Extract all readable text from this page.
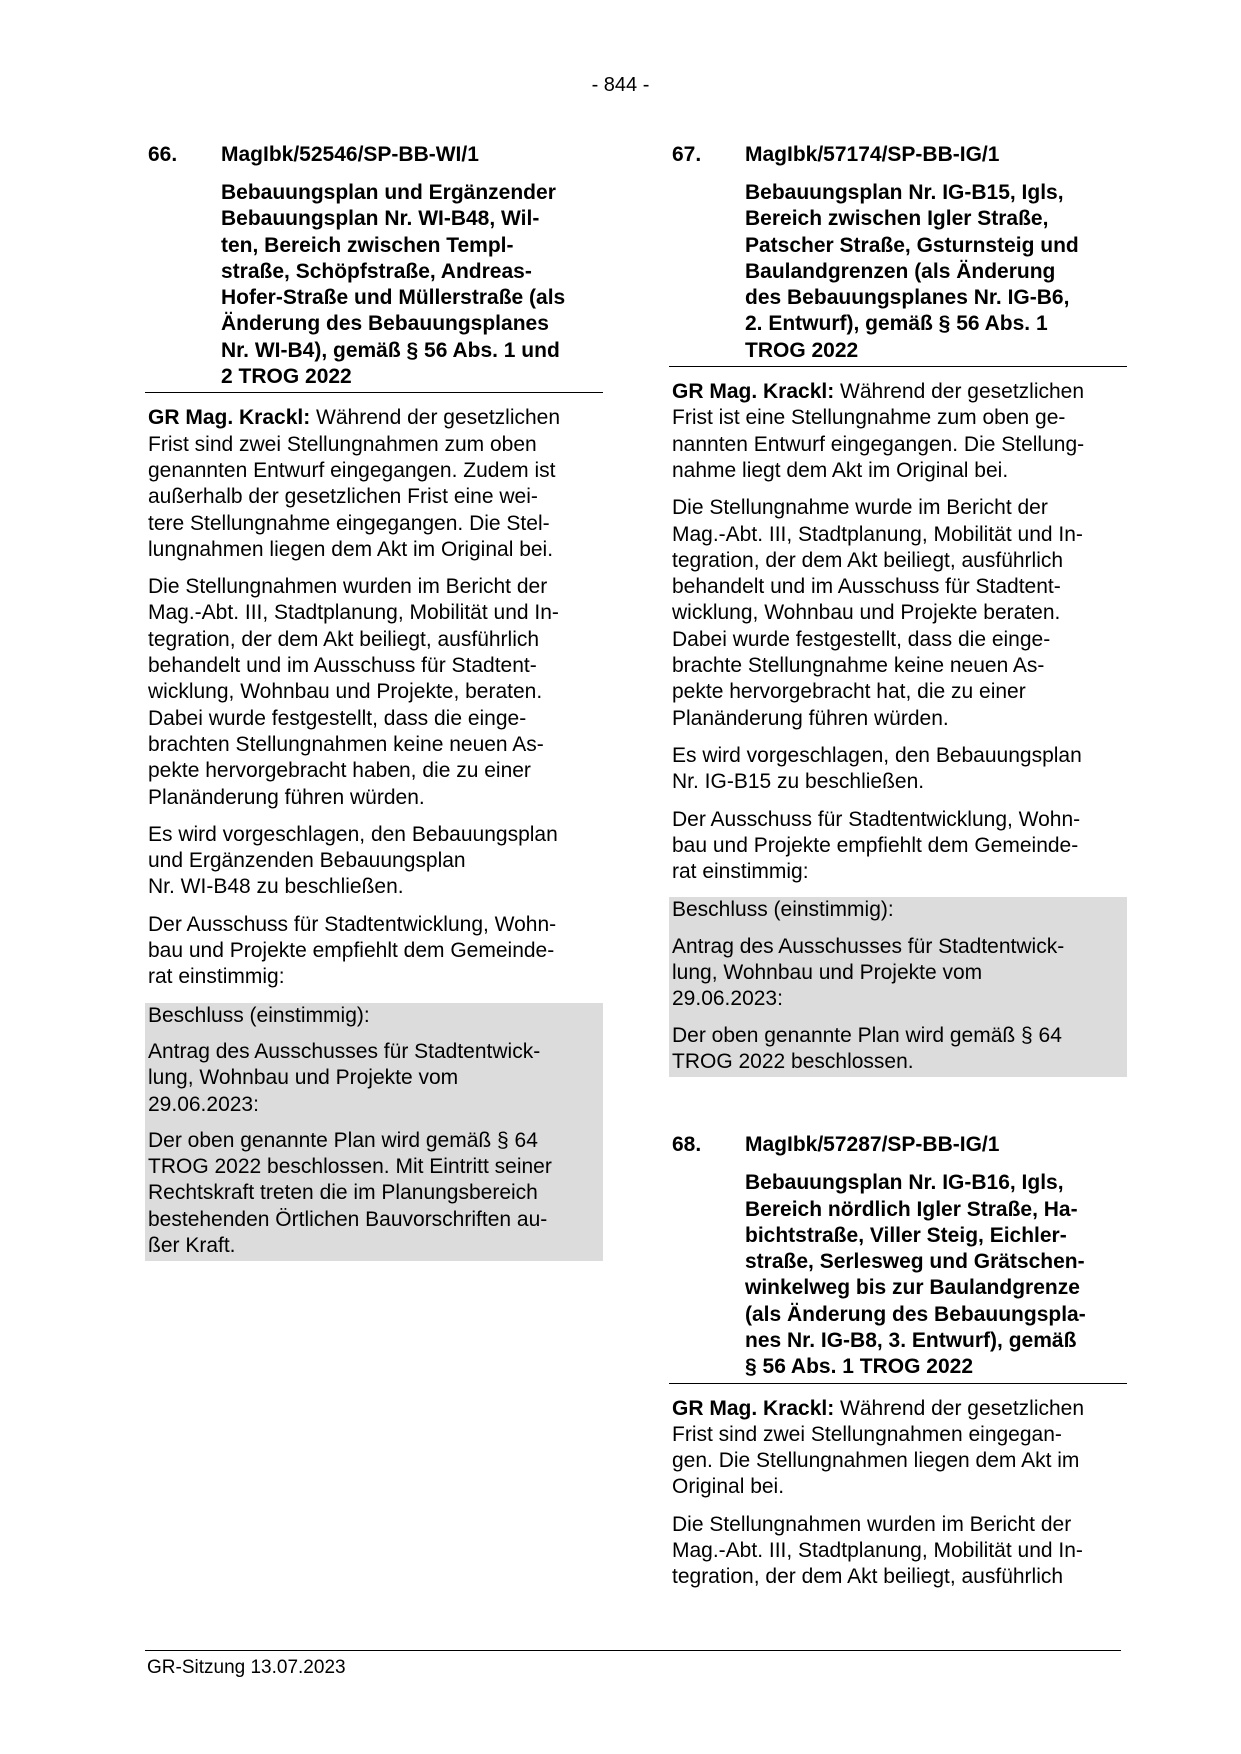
- 844 -
66. MagIbk/52546/SP-BB-WI/1
Bebauungsplan und Ergänzender
Bebauungsplan Nr. WI-B48, Wil-
ten, Bereich zwischen Templ-
straße, Schöpfstraße, Andreas-
Hofer-Straße und Müllerstraße (als
Änderung des Bebauungsplanes
Nr. WI-B4), gemäß § 56 Abs. 1 und
2 TROG 2022

GR Mag. Krackl: Während der gesetzlichen
Frist sind zwei Stellungnahmen zum oben
genannten Entwurf eingegangen. Zudem ist
außerhalb der gesetzlichen Frist eine wei-
tere Stellungnahme eingegangen. Die Stel-
lungnahmen liegen dem Akt im Original bei.

Die Stellungnahmen wurden im Bericht der
Mag.-Abt. III, Stadtplanung, Mobilität und In-
tegration, der dem Akt beiliegt, ausführlich
behandelt und im Ausschuss für Stadtent-
wicklung, Wohnbau und Projekte, beraten.
Dabei wurde festgestellt, dass die einge-
brachten Stellungnahmen keine neuen As-
pekte hervorgebracht haben, die zu einer
Planänderung führen würden.

Es wird vorgeschlagen, den Bebauungsplan
und Ergänzenden Bebauungsplan
Nr. WI-B48 zu beschließen.

Der Ausschuss für Stadtentwicklung, Wohn-
bau und Projekte empfiehlt dem Gemeinde-
rat einstimmig:

Beschluss (einstimmig):

Antrag des Ausschusses für Stadtentwick-
lung, Wohnbau und Projekte vom
29.06.2023:

Der oben genannte Plan wird gemäß § 64
TROG 2022 beschlossen. Mit Eintritt seiner
Rechtskraft treten die im Planungsbereich
bestehenden Örtlichen Bauvorschriften au-
ßer Kraft.

67. MagIbk/57174/SP-BB-IG/1
Bebauungsplan Nr. IG-B15, Igls,
Bereich zwischen Igler Straße,
Patscher Straße, Gsturnsteig und
Baulandgrenzen (als Änderung
des Bebauungsplanes Nr. IG-B6,
2. Entwurf), gemäß § 56 Abs. 1
TROG 2022

GR Mag. Krackl: Während der gesetzlichen
Frist ist eine Stellungnahme zum oben ge-
nannten Entwurf eingegangen. Die Stellung-
nahme liegt dem Akt im Original bei.

Die Stellungnahme wurde im Bericht der
Mag.-Abt. III, Stadtplanung, Mobilität und In-
tegration, der dem Akt beiliegt, ausführlich
behandelt und im Ausschuss für Stadtent-
wicklung, Wohnbau und Projekte beraten.
Dabei wurde festgestellt, dass die einge-
brachte Stellungnahme keine neuen As-
pekte hervorgebracht hat, die zu einer
Planänderung führen würden.

Es wird vorgeschlagen, den Bebauungsplan
Nr. IG-B15 zu beschließen.

Der Ausschuss für Stadtentwicklung, Wohn-
bau und Projekte empfiehlt dem Gemeinde-
rat einstimmig:

Beschluss (einstimmig):

Antrag des Ausschusses für Stadtentwick-
lung, Wohnbau und Projekte vom
29.06.2023:

Der oben genannte Plan wird gemäß § 64
TROG 2022 beschlossen.

68. MagIbk/57287/SP-BB-IG/1
Bebauungsplan Nr. IG-B16, Igls,
Bereich nördlich Igler Straße, Ha-
bichtstraße, Viller Steig, Eichler-
straße, Serlesweg und Grätschen-
winkelweg bis zur Baulandgrenze
(als Änderung des Bebauungspla-
nes Nr. IG-B8, 3. Entwurf), gemäß
§ 56 Abs. 1 TROG 2022

GR Mag. Krackl: Während der gesetzlichen
Frist sind zwei Stellungnahmen eingegan-
gen. Die Stellungnahmen liegen dem Akt im
Original bei.

Die Stellungnahmen wurden im Bericht der
Mag.-Abt. III, Stadtplanung, Mobilität und In-
tegration, der dem Akt beiliegt, ausführlich

GR-Sitzung 13.07.2023
